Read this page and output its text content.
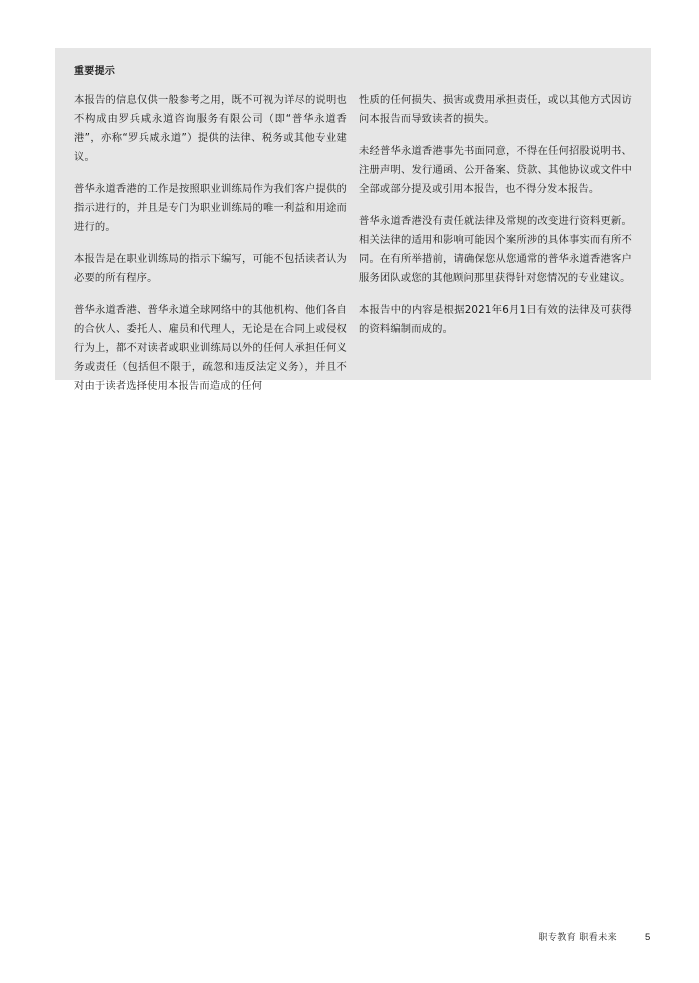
重要提示

本报告的信息仅供一般参考之用，既不可视为详尽的说明也不构成由罗兵咸永道咨询服务有限公司（即“普华永道香港”，亦称“罗兵咸永道”）提供的法律、税务或其他专业建议。

普华永道香港的工作是按照职业训练局作为我们客户提供的指示进行的，并且是专门为职业训练局的唯一利益和用途而进行的。

本报告是在职业训练局的指示下编写，可能不包括读者认为必要的所有程序。

普华永道香港、普华永道全球网络中的其他机构、他们各自的合伙人、委托人、雇员和代理人，无论是在合同上或侵权行为上，都不对读者或职业训练局以外的任何人承担任何义务或责任（包括但不限于，疏忽和违反法定义务），并且不对由于读者选择使用本报告而造成的任何

性质的任何损失、损害或费用承担责任，或以其他方式因访问本报告而导致读者的损失。

未经普华永道香港事先书面同意，不得在任何招股说明书、注册声明、发行通函、公开备案、贷款、其他协议或文件中全部或部分提及或引用本报告，也不得分发本报告。

普华永道香港没有责任就法律及常规的改变进行资料更新。相关法律的适用和影响可能因个案所涉的具体事实而有所不同。在有所举措前，请确保您从您通常的普华永道香港客户服务团队或您的其他顾问那里获得针对您情况的专业建议。

本报告中的内容是根据2021年6月1日有效的法律及可获得的资料编制而成的。

职专教育 职看未来	5
